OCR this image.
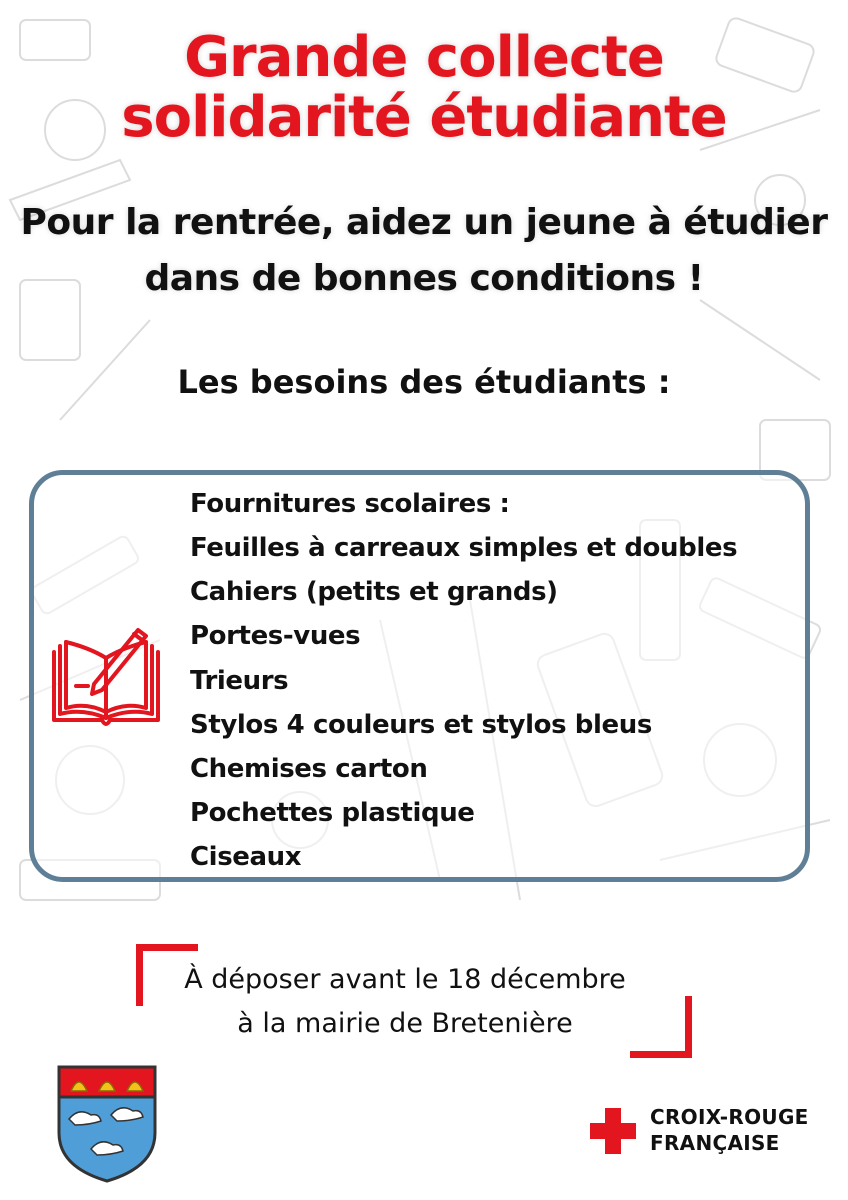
Grande collecte
solidarité étudiante
Pour la rentrée, aidez un jeune à étudier
dans de bonnes conditions !
Les besoins des étudiants :
Fournitures scolaires :
Feuilles à carreaux simples et doubles
Cahiers (petits et grands)
Portes-vues
Trieurs
Stylos 4 couleurs et stylos bleus
Chemises carton
Pochettes plastique
Ciseaux
À déposer avant le 18 décembre
à la mairie de Bretenière
CROIX-ROUGE
FRANÇAISE
